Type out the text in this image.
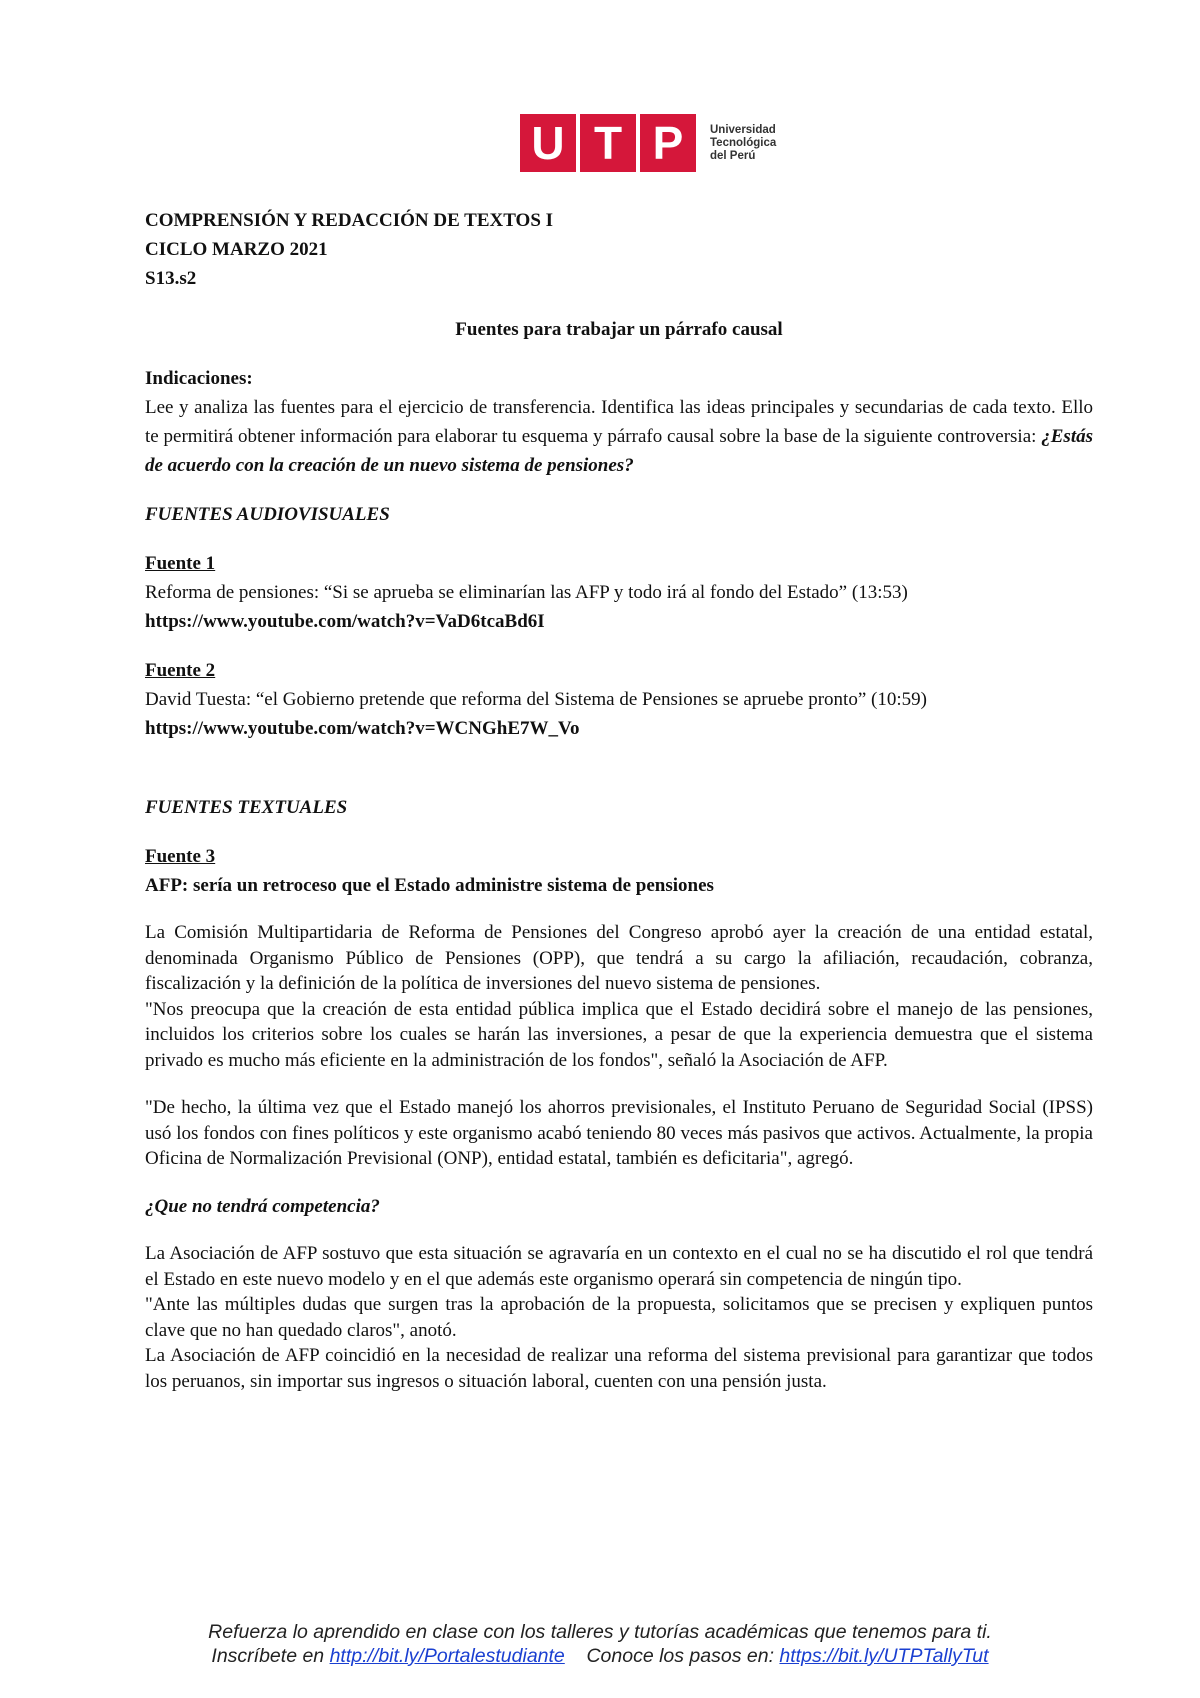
U T P	Universidad
Tecnológica
del Perú

COMPRENSIÓN Y REDACCIÓN DE TEXTOS I

CICLO MARZO 2021

S13.s2

Fuentes para trabajar un párrafo causal
Indicaciones:

Lee y analiza las fuentes para el ejercicio de transferencia. Identifica las ideas principales y secundarias de cada texto. Ello te permitirá obtener información para elaborar tu esquema y párrafo causal sobre la base de la siguiente controversia: ¿Estás de acuerdo con la creación de un nuevo sistema de pensiones?

FUENTES AUDIOVISUALES
Fuente 1
Reforma de pensiones: “Si se aprueba se eliminarían las AFP y todo irá al fondo del Estado” (13:53)
https://www.youtube.com/watch?v=VaD6tcaBd6I
Fuente 2
David Tuesta: “el Gobierno pretende que reforma del Sistema de Pensiones se apruebe pronto” (10:59)
https://www.youtube.com/watch?v=WCNGhE7W_Vo
FUENTES TEXTUALES
Fuente 3
AFP: sería un retroceso que el Estado administre sistema de pensiones

La Comisión Multipartidaria de Reforma de Pensiones del Congreso aprobó ayer la creación de una entidad estatal, denominada Organismo Público de Pensiones (OPP), que tendrá a su cargo la afiliación, recaudación, cobranza, fiscalización y la definición de la política de inversiones del nuevo sistema de pensiones.

"Nos preocupa que la creación de esta entidad pública implica que el Estado decidirá sobre el manejo de las pensiones, incluidos los criterios sobre los cuales se harán las inversiones, a pesar de que la experiencia demuestra que el sistema privado es mucho más eficiente en la administración de los fondos", señaló la Asociación de AFP.

"De hecho, la última vez que el Estado manejó los ahorros previsionales, el Instituto Peruano de Seguridad Social (IPSS) usó los fondos con fines políticos y este organismo acabó teniendo 80 veces más pasivos que activos. Actualmente, la propia Oficina de Normalización Previsional (ONP), entidad estatal, también es deficitaria", agregó.

¿Que no tendrá competencia?

La Asociación de AFP sostuvo que esta situación se agravaría en un contexto en el cual no se ha discutido el rol que tendrá el Estado en este nuevo modelo y en el que además este organismo operará sin competencia de ningún tipo.

"Ante las múltiples dudas que surgen tras la aprobación de la propuesta, solicitamos que se precisen y expliquen puntos clave que no han quedado claros", anotó.

La Asociación de AFP coincidió en la necesidad de realizar una reforma del sistema previsional para garantizar que todos los peruanos, sin importar sus ingresos o situación laboral, cuenten con una pensión justa.

Refuerza lo aprendido en clase con los talleres y tutorías académicas que tenemos para ti.
Inscríbete en http://bit.ly/Portalestudiante Conoce los pasos en: https://bit.ly/UTPTallyTut
